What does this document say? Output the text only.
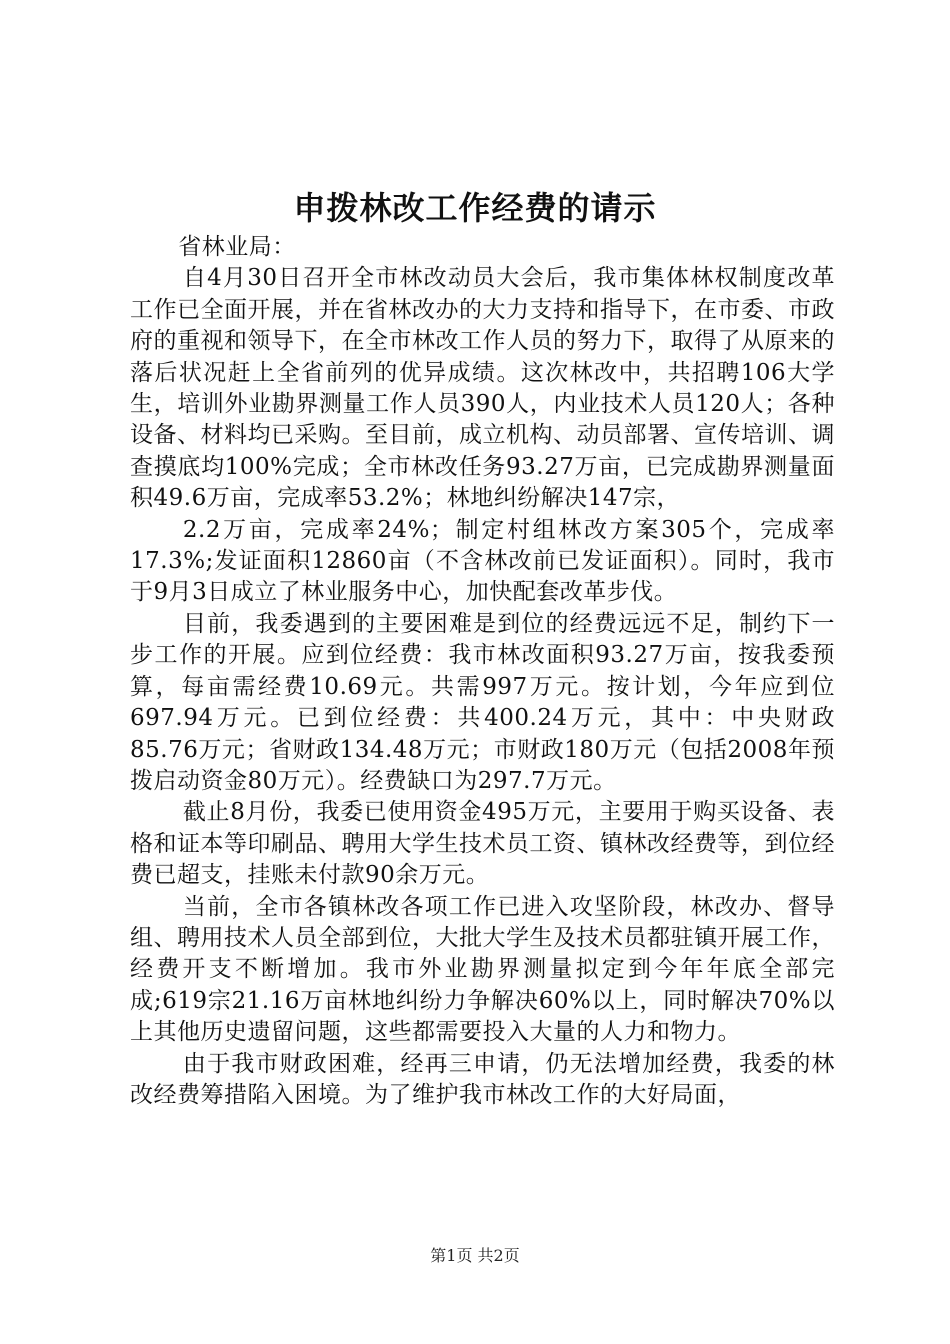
申拨林改工作经费的请示

省林业局：

自4月30日召开全市林改动员大会后，我市集体林权制度改革工作已全面开展，并在省林改办的大力支持和指导下，在市委、市政府的重视和领导下，在全市林改工作人员的努力下，取得了从原来的落后状况赶上全省前列的优异成绩。这次林改中，共招聘106大学生，培训外业勘界测量工作人员390人，内业技术人员120人；各种设备、材料均已采购。至目前，成立机构、动员部署、宣传培训、调查摸底均100%完成；全市林改任务93.27万亩，已完成勘界测量面积49.6万亩，完成率53.2%；林地纠纷解决147宗，

2.2万亩，完成率24%；制定村组林改方案305个，完成率17.3%;发证面积12860亩（不含林改前已发证面积）。同时，我市于9月3日成立了林业服务中心，加快配套改革步伐。

目前，我委遇到的主要困难是到位的经费远远不足，制约下一步工作的开展。应到位经费：我市林改面积93.27万亩，按我委预算，每亩需经费10.69元。共需997万元。按计划，今年应到位697.94万元。已到位经费：共400.24万元，其中：中央财政85.76万元；省财政134.48万元；市财政180万元（包括2008年预拨启动资金80万元）。经费缺口为297.7万元。

截止8月份，我委已使用资金495万元，主要用于购买设备、表格和证本等印刷品、聘用大学生技术员工资、镇林改经费等，到位经费已超支，挂账未付款90余万元。

当前，全市各镇林改各项工作已进入攻坚阶段，林改办、督导组、聘用技术人员全部到位，大批大学生及技术员都驻镇开展工作，经费开支不断增加。我市外业勘界测量拟定到今年年底全部完成;619宗21.16万亩林地纠纷力争解决60%以上，同时解决70%以上其他历史遗留问题，这些都需要投入大量的人力和物力。

由于我市财政困难，经再三申请，仍无法增加经费，我委的林改经费筹措陷入困境。为了维护我市林改工作的大好局面，

第1页 共2页
